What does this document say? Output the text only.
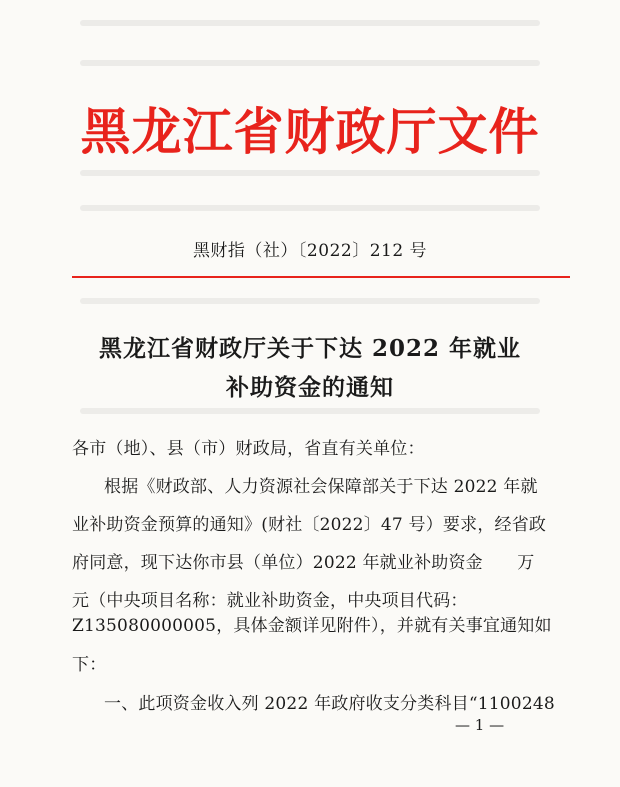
黑龙江省财政厅文件
黑财指（社）〔2022〕212 号
黑龙江省财政厅关于下达 2022 年就业
补助资金的通知
各市（地）、县（市）财政局，省直有关单位：
根据《财政部、人力资源社会保障部关于下达 2022 年就
业补助资金预算的通知》(财社〔2022〕47 号）要求，经省政
府同意，现下达你市县（单位）2022 年就业补助资金　　万
元（中央项目名称：就业补助资金，中央项目代码：
Z135080000005，具体金额详见附件），并就有关事宜通知如
下：
一、此项资金收入列 2022 年政府收支分类科目“1100248
— 1 —
